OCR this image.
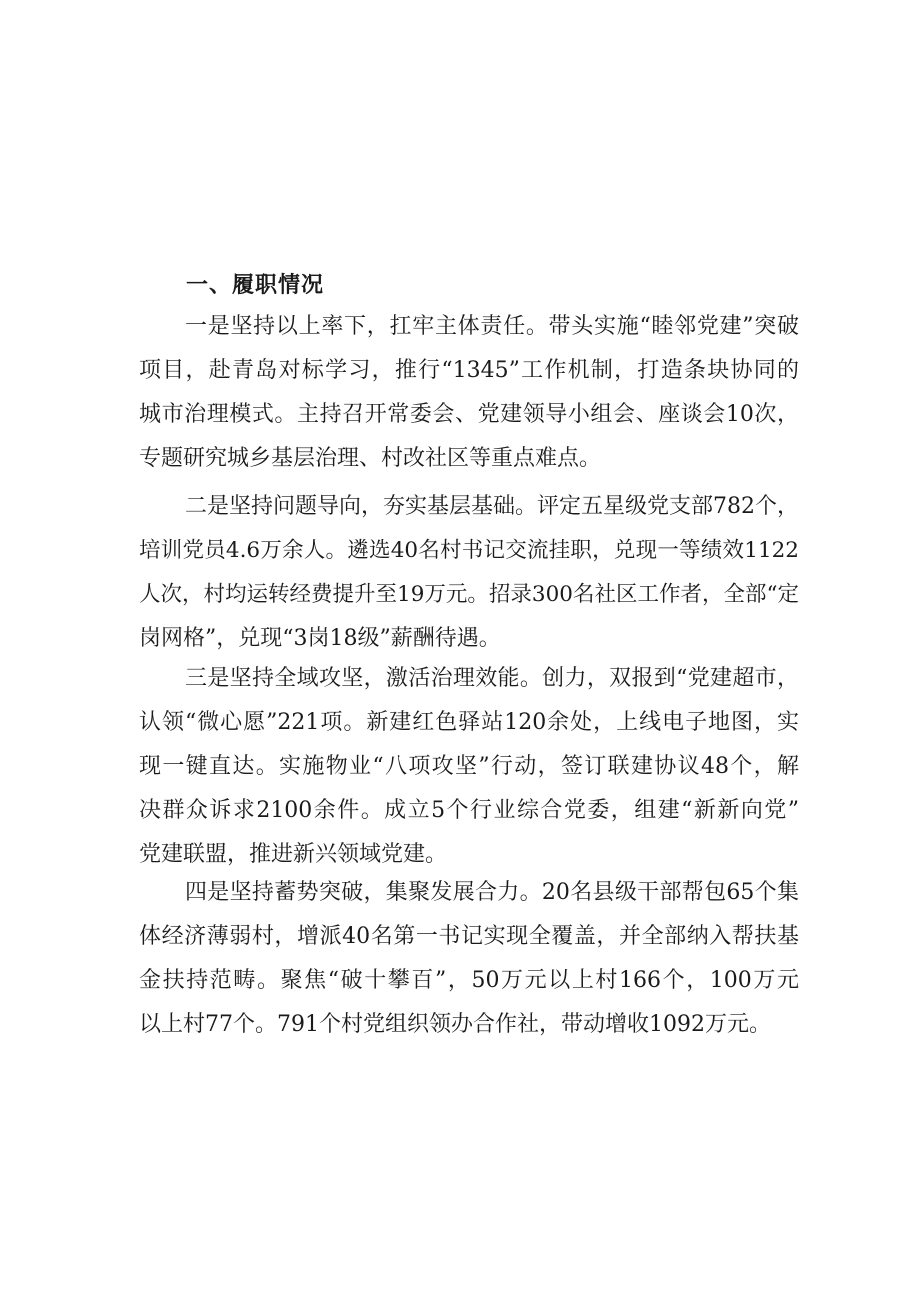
一、履职情况
一是坚持以上率下，扛牢主体责任。带头实施“睦邻党建”突破
项目，赴青岛对标学习，推行“1345”工作机制，打造条块协同的
城市治理模式。主持召开常委会、党建领导小组会、座谈会10次，
专题研究城乡基层治理、村改社区等重点难点。
二是坚持问题导向，夯实基层基础。评定五星级党支部782个，
培训党员4.6万余人。遴选40名村书记交流挂职，兑现一等绩效1122
人次，村均运转经费提升至19万元。招录300名社区工作者，全部“定
岗网格”，兑现“3岗18级”薪酬待遇。
三是坚持全域攻坚，激活治理效能。创力，双报到“党建超市，
认领“微心愿”221项。新建红色驿站120余处，上线电子地图，实
现一键直达。实施物业“八项攻坚”行动，签订联建协议48个，解
决群众诉求2100余件。成立5个行业综合党委，组建“新新向党”
党建联盟，推进新兴领域党建。
四是坚持蓄势突破，集聚发展合力。20名县级干部帮包65个集
体经济薄弱村，增派40名第一书记实现全覆盖，并全部纳入帮扶基
金扶持范畴。聚焦“破十攀百”，50万元以上村166个，100万元
以上村77个。791个村党组织领办合作社，带动增收1092万元。
